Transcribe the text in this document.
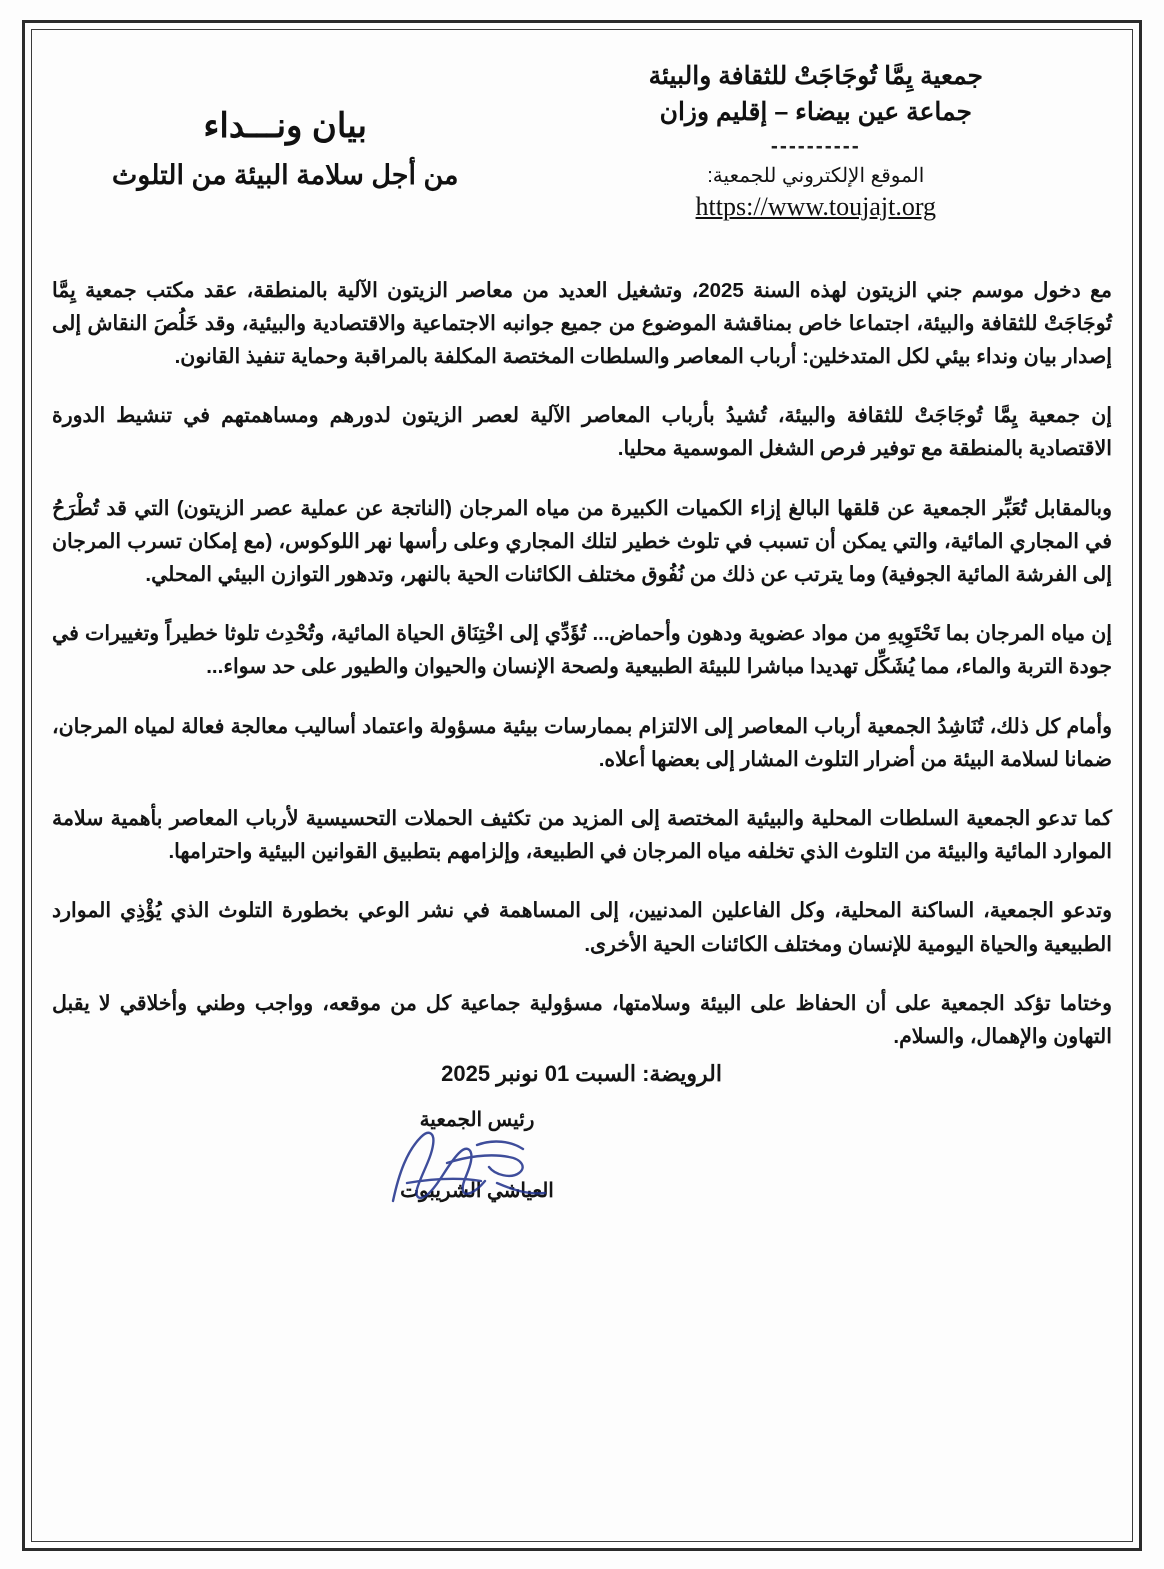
جمعية يِمَّا تُوجَاجَتْ للثقافة والبيئة
جماعة عين بيضاء – إقليم وزان
----------
الموقع الإلكتروني للجمعية:
https://www.toujajt.org
بيان ونـــداء
من أجل سلامة البيئة من التلوث

مع دخول موسم جني الزيتون لهذه السنة 2025، وتشغيل العديد من معاصر الزيتون الآلية بالمنطقة، عقد مكتب جمعية يِمَّا تُوجَاجَتْ للثقافة والبيئة، اجتماعا خاص بمناقشة الموضوع من جميع جوانبه الاجتماعية والاقتصادية والبيئية، وقد خَلُصَ النقاش إلى إصدار بيان ونداء بيئي لكل المتدخلين: أرباب المعاصر والسلطات المختصة المكلفة بالمراقبة وحماية تنفيذ القانون.

إن جمعية يِمَّا تُوجَاجَتْ للثقافة والبيئة، تُشيدُ بأرباب المعاصر الآلية لعصر الزيتون لدورهم ومساهمتهم في تنشيط الدورة الاقتصادية بالمنطقة مع توفير فرص الشغل الموسمية محليا.

وبالمقابل تُعَبِّر الجمعية عن قلقها البالغ إزاء الكميات الكبيرة من مياه المرجان (الناتجة عن عملية عصر الزيتون) التي قد تُطْرَحُ في المجاري المائية، والتي يمكن أن تسبب في تلوث خطير لتلك المجاري وعلى رأسها نهر اللوكوس، (مع إمكان تسرب المرجان إلى الفرشة المائية الجوفية) وما يترتب عن ذلك من نُفُوق مختلف الكائنات الحية بالنهر، وتدهور التوازن البيئي المحلي.

إن مياه المرجان بما تَحْتَوِيهِ من مواد عضوية ودهون وأحماض... تُؤَدِّي إلى اخْتِنَاق الحياة المائية، وتُحْدِث تلوثا خطيراً وتغييرات في جودة التربة والماء، مما يُشَكِّل تهديدا مباشرا للبيئة الطبيعية ولصحة الإنسان والحيوان والطيور على حد سواء...

وأمام كل ذلك، تُنَاشِدُ الجمعية أرباب المعاصر إلى الالتزام بممارسات بيئية مسؤولة واعتماد أساليب معالجة فعالة لمياه المرجان، ضمانا لسلامة البيئة من أضرار التلوث المشار إلى بعضها أعلاه.

كما تدعو الجمعية السلطات المحلية والبيئية المختصة إلى المزيد من تكثيف الحملات التحسيسية لأرباب المعاصر بأهمية سلامة الموارد المائية والبيئة من التلوث الذي تخلفه مياه المرجان في الطبيعة، وإلزامهم بتطبيق القوانين البيئية واحترامها.

وتدعو الجمعية، الساكنة المحلية، وكل الفاعلين المدنيين، إلى المساهمة في نشر الوعي بخطورة التلوث الذي يُؤْذِي الموارد الطبيعية والحياة اليومية للإنسان ومختلف الكائنات الحية الأخرى.

وختاما تؤكد الجمعية على أن الحفاظ على البيئة وسلامتها، مسؤولية جماعية كل من موقعه، وواجب وطني وأخلاقي لا يقبل التهاون والإهمال، والسلام.

الرويضة: السبت 01 نونبر 2025
رئيس الجمعية
العياشي الشريبوت
